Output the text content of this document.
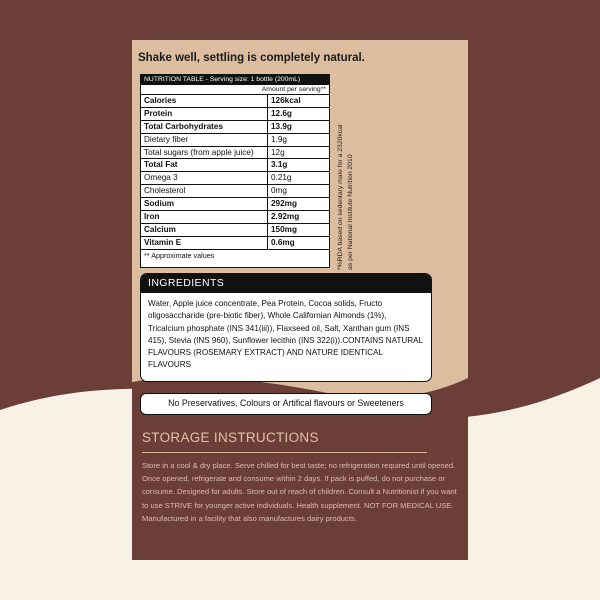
Shake well, settling is completely natural.
NUTRITION TABLE - Serving size: 1 bottle (200mL)
Amount per serving**
Calories	126kcal
Protein	12.6g
Total Carbohydrates	13.9g
Dietary fiber	1.9g
Total sugars (from apple juice)	12g
Total Fat	3.1g
Omega 3	0.21g
Cholesterol	0mg
Sodium	292mg
Iron	2.92mg
Calcium	150mg
Vitamin E	0.6mg
** Approximate values	*%RDA based on sedentary male for a 2320kcal as per National Institute Nutrition 2010
INGREDIENTS
Water, Apple juice concentrate, Pea Protein, Cocoa solids, Fructo oligosaccharide (pre-biotic fiber), Whole Californian Almonds (1%), Tricalcium phosphate (INS 341(iii)), Flaxseed oil, Salt, Xanthan gum (INS 415), Stevia (INS 960), Sunflower lecithin (INS 322(i)).CONTAINS NATURAL FLAVOURS (ROSEMARY EXTRACT) AND NATURE IDENTICAL FLAVOURS
No Preservatives, Colours or Artifical flavours or Sweeteners
STORAGE INSTRUCTIONS
Store in a cool & dry place. Serve chilled for best taste; no refrigeration required until opened. Once opened, refrigerate and consume within 2 days. If pack is puffed, do not purchase or consume. Designed for adults. Store out of reach of children. Consult a Nutritionist if you want to use STRIVE for younger active individuals. Health supplement. NOT FOR MEDICAL USE. Manufactured in a facility that also manufactures dairy products.
